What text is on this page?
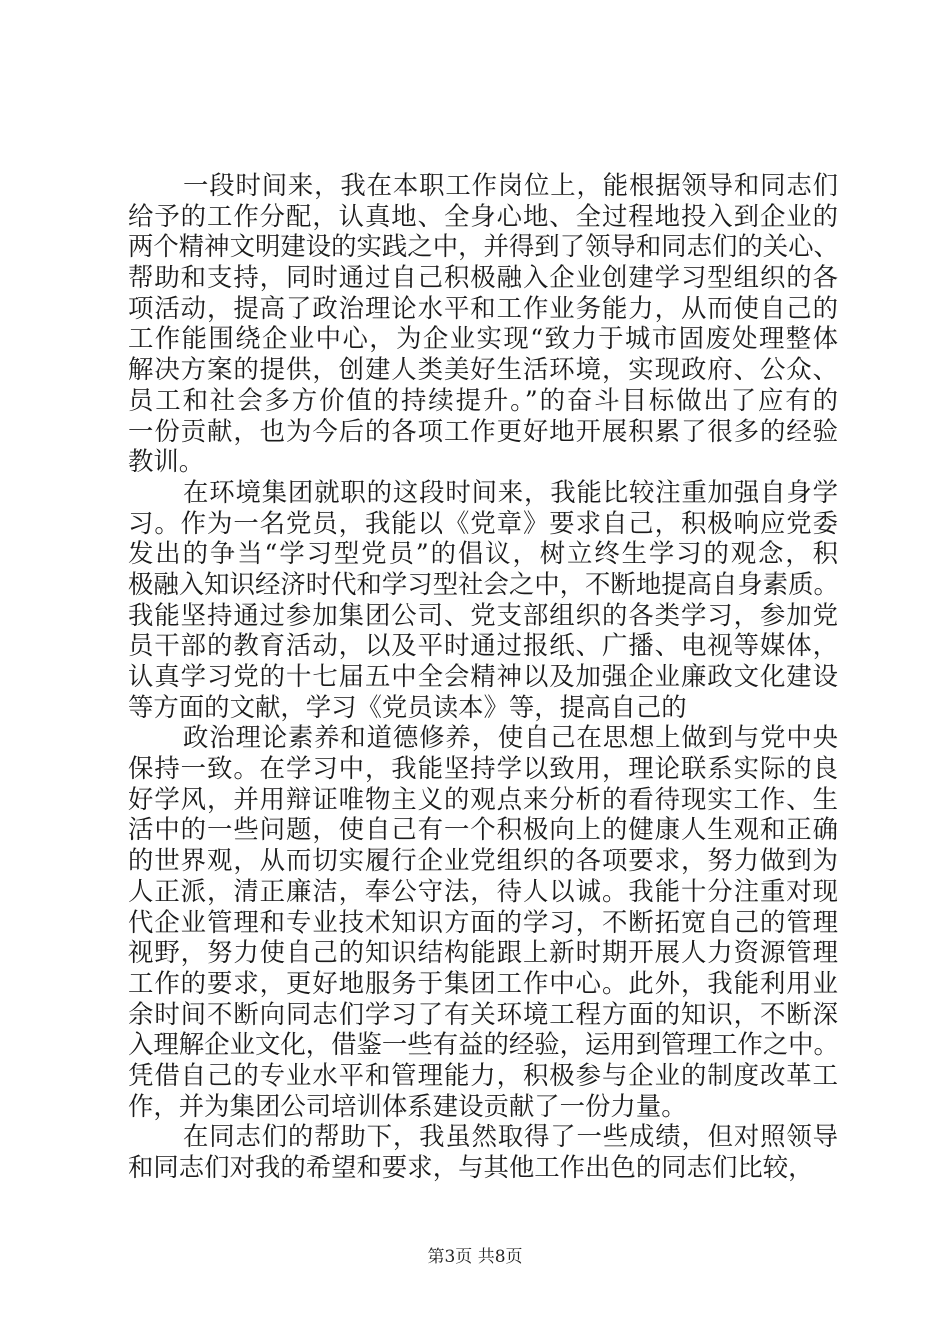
一段时间来，我在本职工作岗位上，能根据领导和同志们
给予的工作分配，认真地、全身心地、全过程地投入到企业的
两个精神文明建设的实践之中，并得到了领导和同志们的关心、
帮助和支持，同时通过自己积极融入企业创建学习型组织的各
项活动，提高了政治理论水平和工作业务能力，从而使自己的
工作能围绕企业中心，为企业实现“致力于城市固废处理整体
解决方案的提供，创建人类美好生活环境，实现政府、公众、
员工和社会多方价值的持续提升。”的奋斗目标做出了应有的
一份贡献，也为今后的各项工作更好地开展积累了很多的经验
教训。
在环境集团就职的这段时间来，我能比较注重加强自身学
习。作为一名党员，我能以《党章》要求自己，积极响应党委
发出的争当“学习型党员”的倡议，树立终生学习的观念，积
极融入知识经济时代和学习型社会之中，不断地提高自身素质。
我能坚持通过参加集团公司、党支部组织的各类学习，参加党
员干部的教育活动，以及平时通过报纸、广播、电视等媒体，
认真学习党的十七届五中全会精神以及加强企业廉政文化建设
等方面的文献，学习《党员读本》等，提高自己的
政治理论素养和道德修养，使自己在思想上做到与党中央
保持一致。在学习中，我能坚持学以致用，理论联系实际的良
好学风，并用辩证唯物主义的观点来分析的看待现实工作、生
活中的一些问题，使自己有一个积极向上的健康人生观和正确
的世界观，从而切实履行企业党组织的各项要求，努力做到为
人正派，清正廉洁，奉公守法，待人以诚。我能十分注重对现
代企业管理和专业技术知识方面的学习，不断拓宽自己的管理
视野，努力使自己的知识结构能跟上新时期开展人力资源管理
工作的要求，更好地服务于集团工作中心。此外，我能利用业
余时间不断向同志们学习了有关环境工程方面的知识，不断深
入理解企业文化，借鉴一些有益的经验，运用到管理工作之中。
凭借自己的专业水平和管理能力，积极参与企业的制度改革工
作，并为集团公司培训体系建设贡献了一份力量。
在同志们的帮助下，我虽然取得了一些成绩，但对照领导
和同志们对我的希望和要求，与其他工作出色的同志们比较，
第3页 共8页
